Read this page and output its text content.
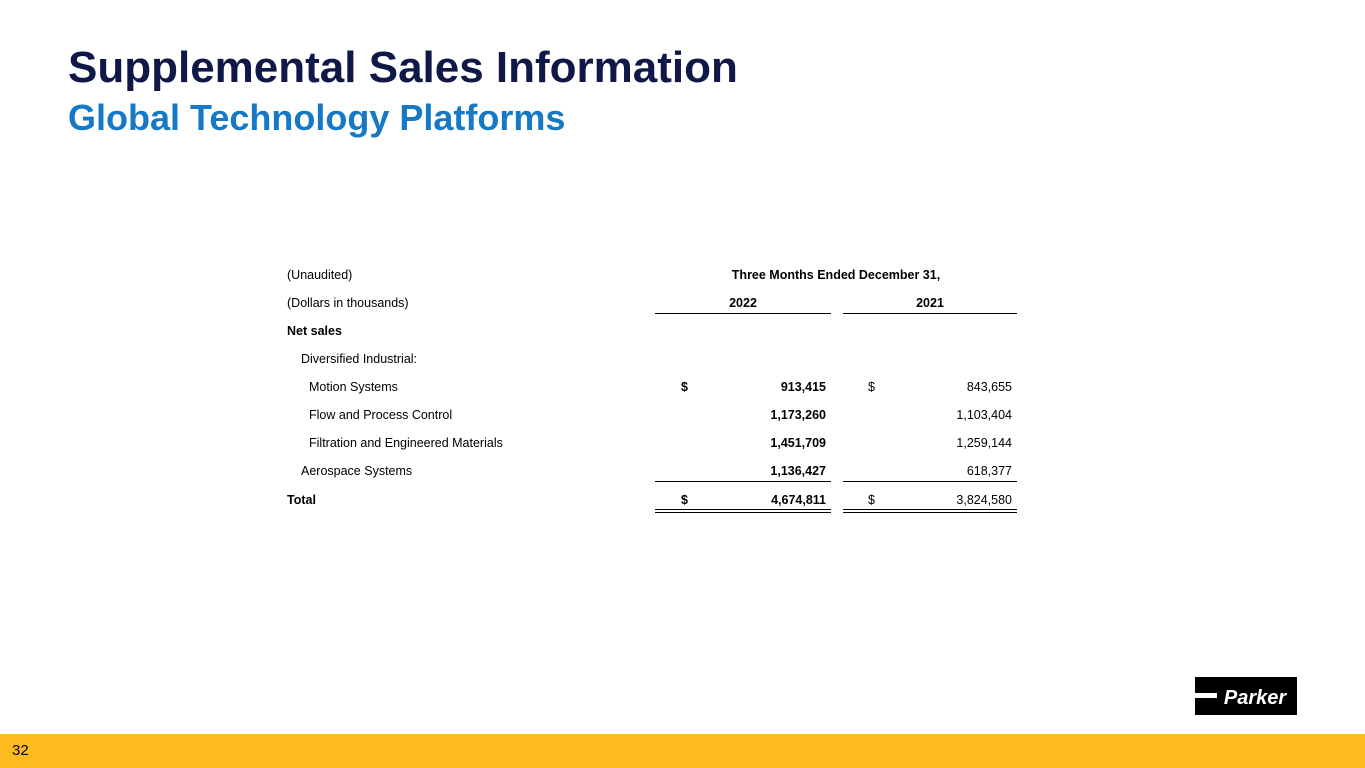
Supplemental Sales Information
Global Technology Platforms
(Unaudited)	Three Months Ended December 31,
(Dollars in thousands)	2022	2021
Net sales
Diversified Industrial:
Motion Systems	$	913,415	$	843,655
Flow and Process Control	1,173,260	1,103,404
Filtration and Engineered Materials	1,451,709	1,259,144
Aerospace Systems	1,136,427	618,377
Total	$	4,674,811	$	3,824,580
Parker
32
